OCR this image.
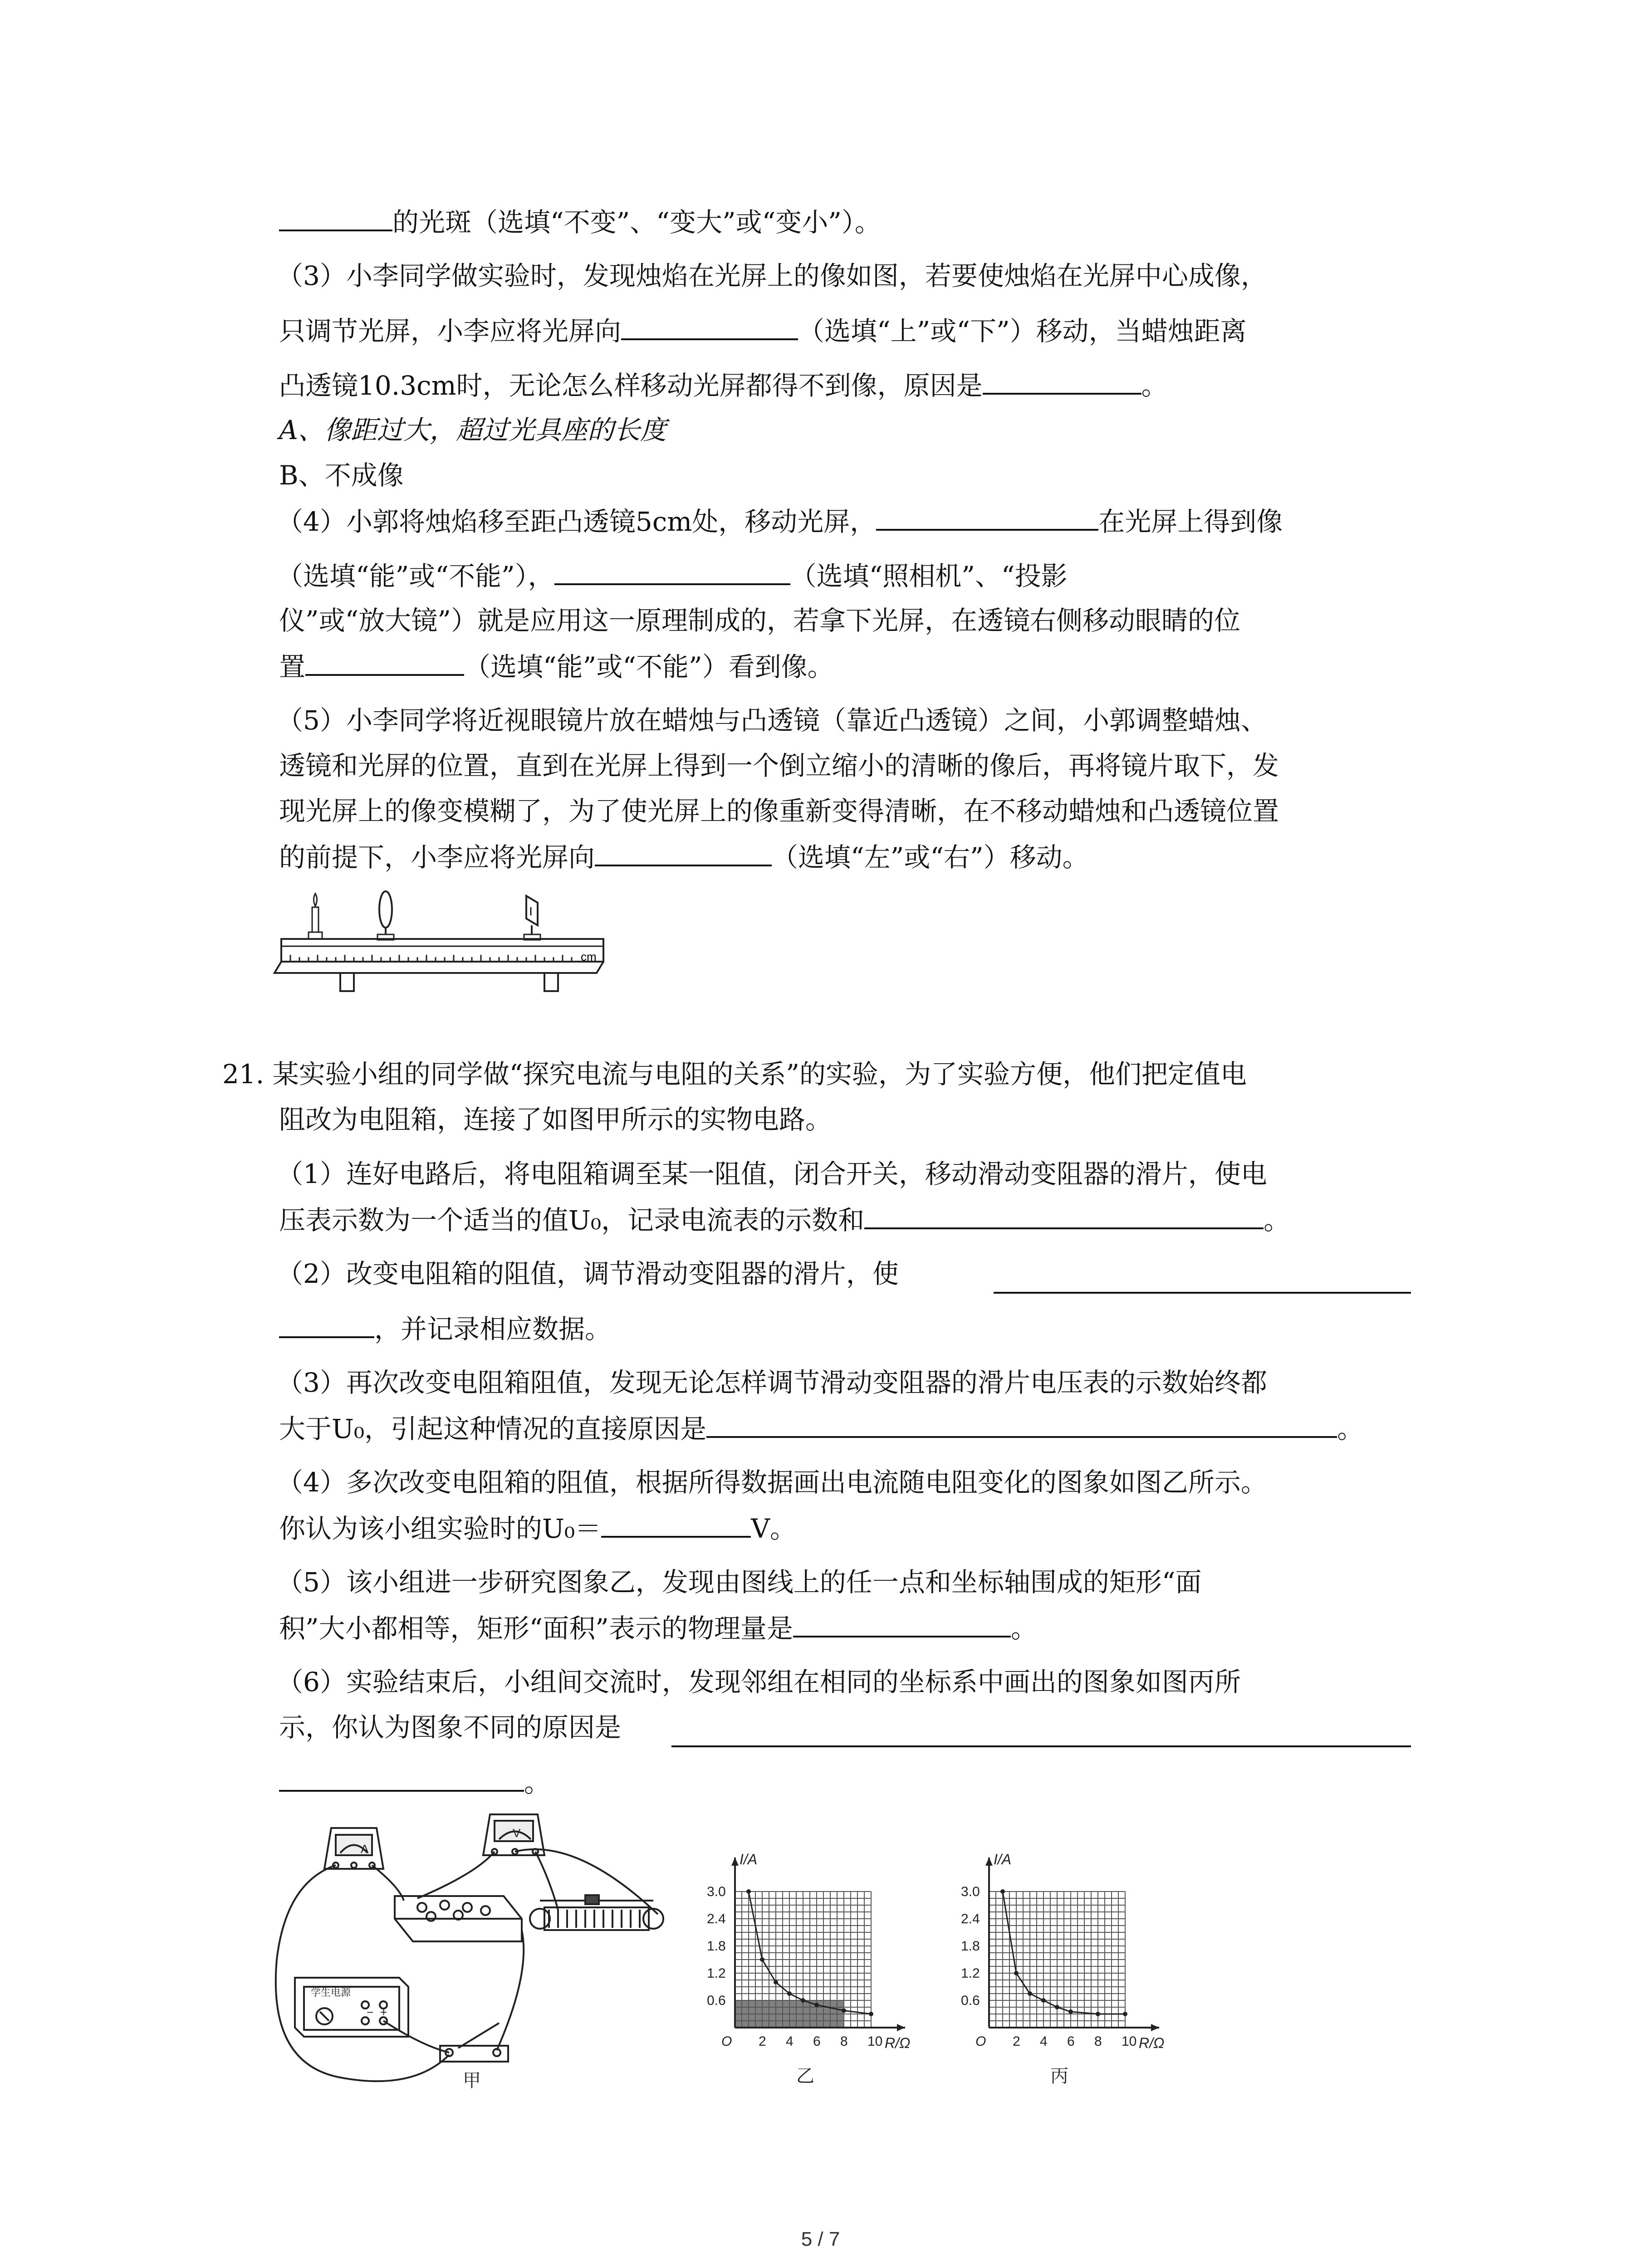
的光斑（选填“不变”、“变大”或“变小”）。
（3）小李同学做实验时，发现烛焰在光屏上的像如图，若要使烛焰在光屏中心成像，
只调节光屏，小李应将光屏向	（选填“上”或“下”）移动，当蜡烛距离
凸透镜10.3cm时，无论怎么样移动光屏都得不到像，原因是	。
A、像距过大，超过光具座的长度
B、不成像
（4）小郭将烛焰移至距凸透镜5cm处，移动光屏，	在光屏上得到像
（选填“能”或“不能”），	（选填“照相机”、“投影
仪”或“放大镜”）就是应用这一原理制成的，若拿下光屏，在透镜右侧移动眼睛的位
置	（选填“能”或“不能”）看到像。
（5）小李同学将近视眼镜片放在蜡烛与凸透镜（靠近凸透镜）之间，小郭调整蜡烛、
透镜和光屏的位置，直到在光屏上得到一个倒立缩小的清晰的像后，再将镜片取下，发
现光屏上的像变模糊了，为了使光屏上的像重新变得清晰，在不移动蜡烛和凸透镜位置
的前提下，小李应将光屏向	（选填“左”或“右”）移动。
cm
21. 某实验小组的同学做“探究电流与电阻的关系”的实验，为了实验方便，他们把定值电
阻改为电阻箱，连接了如图甲所示的实物电路。
（1）连好电路后，将电阻箱调至某一阻值，闭合开关，移动滑动变阻器的滑片，使电
压表示数为一个适当的值U₀，记录电流表的示数和	。
（2）改变电阻箱的阻值，调节滑动变阻器的滑片，使
，并记录相应数据。
（3）再次改变电阻箱阻值，发现无论怎样调节滑动变阻器的滑片电压表的示数始终都
大于U₀，引起这种情况的直接原因是	。
（4）多次改变电阻箱的阻值，根据所得数据画出电流随电阻变化的图象如图乙所示。
你认为该小组实验时的U₀＝	V。
（5）该小组进一步研究图象乙，发现由图线上的任一点和坐标轴围成的矩形“面
积”大小都相等，矩形“面积”表示的物理量是	。
（6）实验结束后，小组间交流时，发现邻组在相同的坐标系中画出的图象如图丙所
示，你认为图象不同的原因是
。
A
V
学生电源
− +
甲
O 2 4 6 8 10
0.6
1.2
1.8
2.4
3.0
R/Ω
I/A
乙
O 2 4 6 8 10
0.6
1.2
1.8
2.4
3.0
R/Ω
I/A
丙
5 / 7
